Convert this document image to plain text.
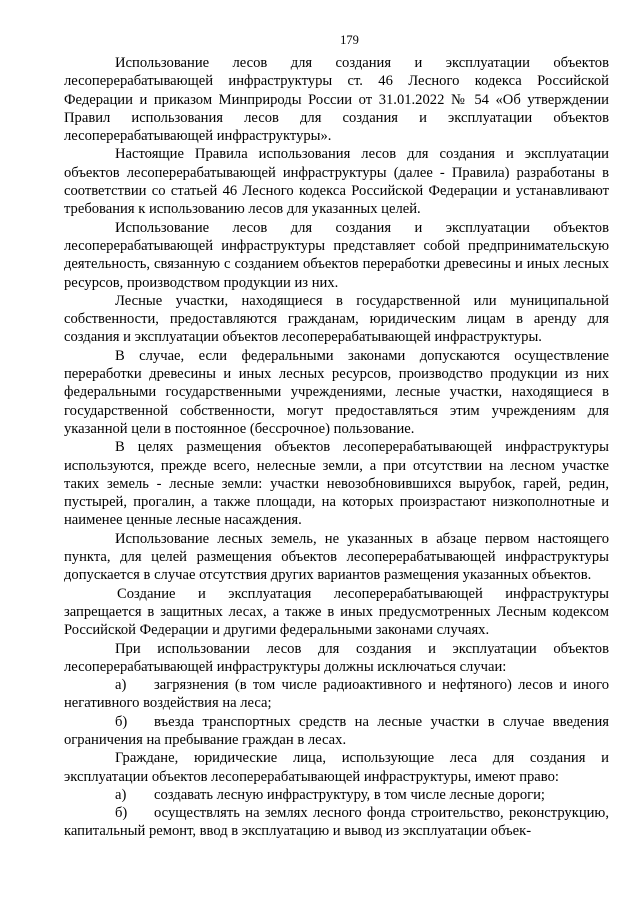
179

Использование лесов для создания и эксплуатации объектов лесоперерабатывающей инфраструктуры ст. 46 Лесного кодекса Российской Федерации и приказом Минприроды России от 31.01.2022 № 54 «Об утверждении Правил использования лесов для создания и эксплуатации объектов лесоперерабатывающей инфраструктуры».

Настоящие Правила использования лесов для создания и эксплуатации объектов лесоперерабатывающей инфраструктуры (далее - Правила) разработаны в соответствии со статьей 46 Лесного кодекса Российской Федерации и устанавливают требования к использованию лесов для указанных целей.

Использование лесов для создания и эксплуатации объектов лесоперерабатывающей инфраструктуры представляет собой предпринимательскую деятельность, связанную с созданием объектов переработки древесины и иных лесных ресурсов, производством продукции из них.

Лесные участки, находящиеся в государственной или муниципальной собственности, предоставляются гражданам, юридическим лицам в аренду для создания и эксплуатации объектов лесоперерабатывающей инфраструктуры.

В случае, если федеральными законами допускаются осуществление переработки древесины и иных лесных ресурсов, производство продукции из них федеральными государственными учреждениями, лесные участки, находящиеся в государственной собственности, могут предоставляться этим учреждениям для указанной цели в постоянное (бессрочное) пользование.

В целях размещения объектов лесоперерабатывающей инфраструктуры используются, прежде всего, нелесные земли, а при отсутствии на лесном участке таких земель - лесные земли: участки невозобновившихся вырубок, гарей, редин, пустырей, прогалин, а также площади, на которых произрастают низкополнотные и наименее ценные лесные насаждения.

Использование лесных земель, не указанных в абзаце первом настоящего пункта, для целей размещения объектов лесоперерабатывающей инфраструктуры допускается в случае отсутствия других вариантов размещения указанных объектов.

Создание и эксплуатация лесоперерабатывающей инфраструктуры запрещается в защитных лесах, а также в иных предусмотренных Лесным кодексом Российской Федерации и другими федеральными законами случаях.

При использовании лесов для создания и эксплуатации объектов лесоперерабатывающей инфраструктуры должны исключаться случаи:

а) загрязнения (в том числе радиоактивного и нефтяного) лесов и иного негативного воздействия на леса;

б) въезда транспортных средств на лесные участки в случае введения ограничения на пребывание граждан в лесах.

Граждане, юридические лица, использующие леса для создания и эксплуатации объектов лесоперерабатывающей инфраструктуры, имеют право:

а) создавать лесную инфраструктуру, в том числе лесные дороги;

б) осуществлять на землях лесного фонда строительство, реконструкцию, капитальный ремонт, ввод в эксплуатацию и вывод из эксплуатации объек-
